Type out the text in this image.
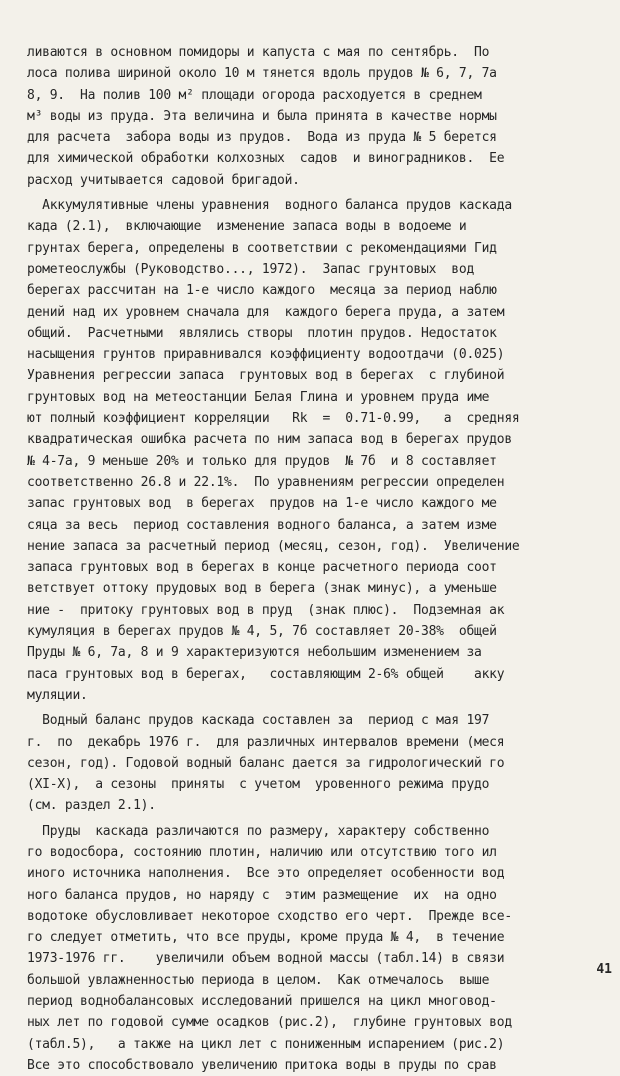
ливаются в основном помидоры и капуста с мая по сентябрь.  По
лоса полива шириной около 10 м тянется вдоль прудов № 6, 7, 7а
8, 9.  На полив 100 м² площади огорода расходуется в среднем
м³ воды из пруда. Эта величина и была принята в качестве нормы
для расчета  забора воды из прудов.  Вода из пруда № 5 берется
для химической обработки колхозных  садов  и виноградников.  Ее
расход учитывается садовой бригадой.
Аккумулятивные члены уравнения  водного баланса прудов каскада
када (2.1),  включающие  изменение запаса воды в водоеме и
грунтах берега, определены в соответствии с рекомендациями Гид
рометеослужбы (Руководство..., 1972).  Запас грунтовых  вод
берегах рассчитан на 1-е число каждого  месяца за период наблю
дений над их уровнем сначала для  каждого берега пруда, а затем
общий.  Расчетными  являлись створы  плотин прудов. Недостаток
насыщения грунтов приравнивался коэффициенту водоотдачи (0.025)
Уравнения регрессии запаса  грунтовых вод в берегах  с глубиной
грунтовых вод на метеостанции Белая Глина и уровнем пруда име
ют полный коэффициент корреляции   Rk  =  0.71-0.99,   а  средняя
квадратическая ошибка расчета по ним запаса вод в берегах прудов
№ 4-7а, 9 меньше 20% и только для прудов  № 7б  и 8 составляет
соответственно 26.8 и 22.1%.  По уравнениям регрессии определен
запас грунтовых вод  в берегах  прудов на 1-е число каждого ме
сяца за весь  период составления водного баланса, а затем изме
нение запаса за расчетный период (месяц, сезон, год).  Увеличение
запаса грунтовых вод в берегах в конце расчетного периода соот
ветствует оттоку прудовых вод в берега (знак минус), а уменьше
ние -  притоку грунтовых вод в пруд  (знак плюс).  Подземная ак
кумуляция в берегах прудов № 4, 5, 7б составляет 20-38%  общей
Пруды № 6, 7а, 8 и 9 характеризуются небольшим изменением за
паса грунтовых вод в берегах,   составляющим 2-6% общей    акку
муляции.
Водный баланс прудов каскада составлен за  период с мая 197
г.  по  декабрь 1976 г.  для различных интервалов времени (меся
сезон, год). Годовой водный баланс дается за гидрологический го
(XI-X),  а сезоны  приняты  с учетом  уровенного режима прудо
(см. раздел 2.1).
Пруды  каскада различаются по размеру, характеру собственно
го водосбора, состоянию плотин, наличию или отсутствию того ил
иного источника наполнения.  Все это определяет особенности вод
ного баланса прудов, но наряду с  этим размещение  их  на одно
водотоке обусловливает некоторое сходство его черт.  Прежде все-
го следует отметить, что все пруды, кроме пруда № 4,  в течение
1973-1976 гг.    увеличили объем водной массы (табл.14) в связи
большой увлажненностью периода в целом.  Как отмечалось  выше
период воднобалансовых исследований пришелся на цикл многовод-
ных лет по годовой сумме осадков (рис.2),  глубине грунтовых вод
(табл.5),   а также на цикл лет с пониженным испарением (рис.2)
Все это способствовало увеличению притока воды в пруды по срав
41
